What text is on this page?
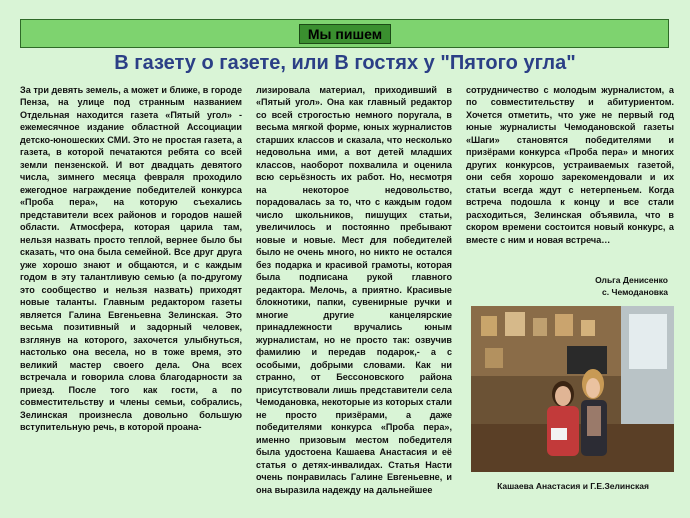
Мы пишем
В газету о газете, или В гостях у "Пятого угла"

За три девять земель, а может и ближе, в городе Пенза, на улице под странным названием Отдельная находится газета «Пятый угол» - ежемесячное издание областной Ассоциации детско-юношеских СМИ. Это не простая газета, а газета, в которой печатаются ребята со всей земли пензенской. И вот двадцать девятого числа, зимнего месяца февраля проходило ежегодное награждение победителей конкурса «Проба пера», на которую съехались представители всех районов и городов нашей области. Атмосфера, которая царила там, нельзя назвать просто теплой, вернее было бы сказать, что она была семейной. Все друг друга уже хорошо знают и общаются, и с каждым годом в эту талантливую семью (а по-другому это сообщество и нельзя назвать) приходят новые таланты. Главным редактором газеты является Галина Евгеньевна Зелинская. Это весьма позитивный и задорный человек, взглянув на которого, захочется улыбнуться, настолько она весела, но в тоже время, это великий мастер своего дела. Она всех встречала и говорила слова благодарности за приезд. После того как гости, а по совместительству и члены семьи, собрались, Зелинская произнесла довольно большую вступительную речь, в которой проана-

лизировала материал, приходивший в «Пятый угол». Она как главный редактор со всей строгостью немного поругала, в весьма мягкой форме, юных журналистов старших классов и сказала, что несколько недовольна ими, а вот детей младших классов, наоборот похвалила и оценила всю серьёзность их работ. Но, несмотря на некоторое недовольство, порадовалась за то, что с каждым годом число школьников, пишущих статьи, увеличилось и постоянно пребывают новые и новые. Мест для победителей было не очень много, но никто не остался без подарка и красивой грамоты, которая была подписана рукой главного редактора. Мелочь, а приятно. Красивые блокнотики, папки, сувенирные ручки и многие другие канцелярские принадлежности вручались юным журналистам, но не просто так: озвучив фамилию и передав подарок,- а с особыми, добрыми словами. Как ни странно, от Бессоновского района присутствовали лишь представители села Чемодановка, некоторые из которых стали не просто призёрами, а даже победителями конкурса «Проба пера», именно призовым местом победителя была удостоена Кашаева Анастасия и её статья о детях-инвалидах. Статья Насти очень понравилась Галине Евгеньевне, и она выразила надежду на дальнейшее

сотрудничество с молодым журналистом, а по совместительству и абитуриентом. Хочется отметить, что уже не первый год юные журналисты Чемодановской газеты «Шаги» становятся победителями и призёрами конкурса «Проба пера» и многих других конкурсов, устраиваемых газетой, они себя хорошо зарекомендовали и их статьи всегда ждут с нетерпеньем. Когда встреча подошла к концу и все стали расходиться, Зелинская объявила, что в скором времени состоится новый конкурс, а вместе с ним и новая встреча…

Ольга Денисенко
с. Чемодановка
Кашаева Анастасия и Г.Е.Зелинская
